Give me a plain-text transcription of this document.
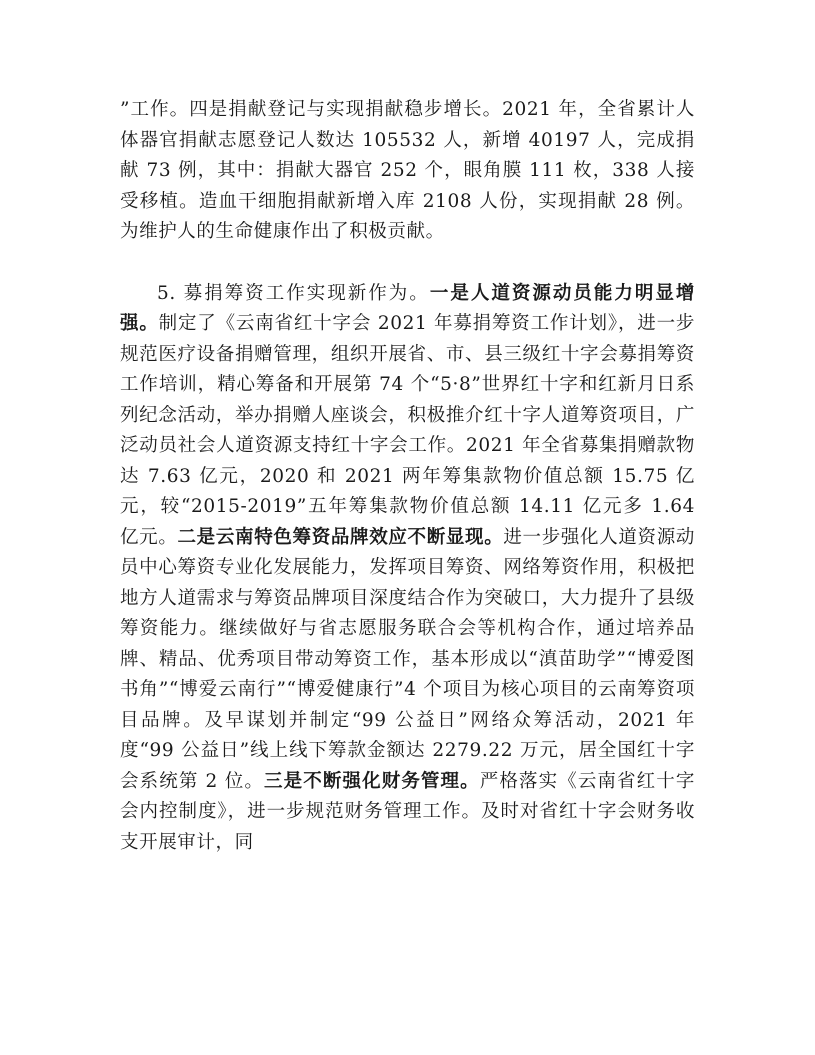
”工作。四是捐献登记与实现捐献稳步增长。2021 年，全省累计人体器官捐献志愿登记人数达 105532 人，新增 40197 人，完成捐献 73 例，其中：捐献大器官 252 个，眼角膜 111 枚，338 人接受移植。造血干细胞捐献新增入库 2108 人份，实现捐献 28 例。为维护人的生命健康作出了积极贡献。

5. 募捐筹资工作实现新作为。一是人道资源动员能力明显增强。制定了《云南省红十字会 2021 年募捐筹资工作计划》，进一步规范医疗设备捐赠管理，组织开展省、市、县三级红十字会募捐筹资工作培训，精心筹备和开展第 74 个“5·8”世界红十字和红新月日系列纪念活动，举办捐赠人座谈会，积极推介红十字人道筹资项目，广泛动员社会人道资源支持红十字会工作。2021 年全省募集捐赠款物达 7.63 亿元，2020 和 2021 两年筹集款物价值总额 15.75 亿元，较“2015-2019”五年筹集款物价值总额 14.11 亿元多 1.64 亿元。二是云南特色筹资品牌效应不断显现。进一步强化人道资源动员中心筹资专业化发展能力，发挥项目筹资、网络筹资作用，积极把地方人道需求与筹资品牌项目深度结合作为突破口，大力提升了县级筹资能力。继续做好与省志愿服务联合会等机构合作，通过培养品牌、精品、优秀项目带动筹资工作，基本形成以“滇苗助学”“博爱图书角”“博爱云南行”“博爱健康行”4 个项目为核心项目的云南筹资项目品牌。及早谋划并制定“99 公益日”网络众筹活动，2021 年度“99 公益日”线上线下筹款金额达 2279.22 万元，居全国红十字会系统第 2 位。三是不断强化财务管理。严格落实《云南省红十字会内控制度》，进一步规范财务管理工作。及时对省红十字会财务收支开展审计，同
